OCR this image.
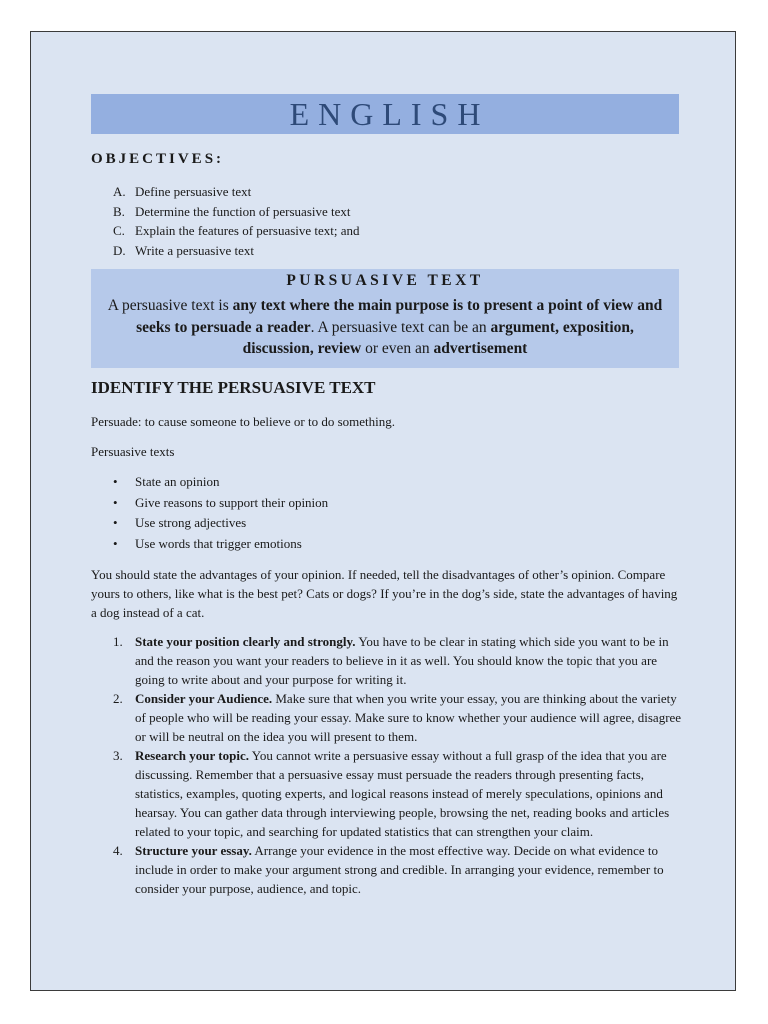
ENGLISH
OBJECTIVES:
A. Define persuasive text
B. Determine the function of persuasive text
C. Explain the features of persuasive text; and
D. Write a persuasive text
PURSUASIVE TEXT

A persuasive text is any text where the main purpose is to present a point of view and seeks to persuade a reader. A persuasive text can be an argument, exposition, discussion, review or even an advertisement

IDENTIFY THE PERSUASIVE TEXT

Persuade: to cause someone to believe or to do something.

Persuasive texts

•	State an opinion
•	Give reasons to support their opinion
•	Use strong adjectives
•	Use words that trigger emotions

You should state the advantages of your opinion. If needed, tell the disadvantages of other’s opinion. Compare yours to others, like what is the best pet? Cats or dogs? If you’re in the dog’s side, state the advantages of having a dog instead of a cat.

1. State your position clearly and strongly. You have to be clear in stating which side you want to be in and the reason you want your readers to believe in it as well. You should know the topic that you are going to write about and your purpose for writing it.
2. Consider your Audience. Make sure that when you write your essay, you are thinking about the variety of people who will be reading your essay. Make sure to know whether your audience will agree, disagree or will be neutral on the idea you will present to them.
3. Research your topic. You cannot write a persuasive essay without a full grasp of the idea that you are discussing. Remember that a persuasive essay must persuade the readers through presenting facts, statistics, examples, quoting experts, and logical reasons instead of merely speculations, opinions and hearsay. You can gather data through interviewing people, browsing the net, reading books and articles related to your topic, and searching for updated statistics that can strengthen your claim.
4. Structure your essay. Arrange your evidence in the most effective way. Decide on what evidence to include in order to make your argument strong and credible. In arranging your evidence, remember to consider your purpose, audience, and topic.
